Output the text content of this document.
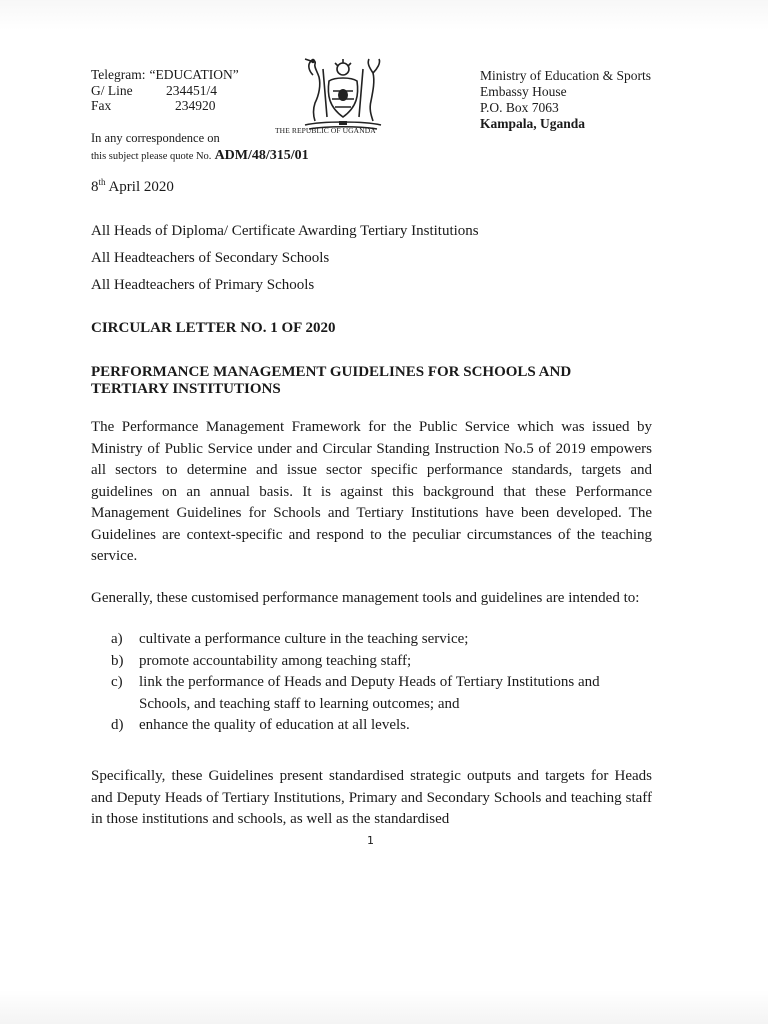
Telegram: “EDUCATION”
G/ Line	234451/4
Fax	234920
THE REPUBLIC OF UGANDA
Ministry of Education & Sports
Embassy House
P.O. Box 7063
Kampala, Uganda
In any correspondence on
this subject please quote No. ADM/48/315/01
8th April 2020
All Heads of Diploma/ Certificate Awarding Tertiary Institutions
All Headteachers of Secondary Schools
All Headteachers of Primary Schools
CIRCULAR LETTER NO. 1 OF 2020
PERFORMANCE MANAGEMENT GUIDELINES FOR SCHOOLS AND TERTIARY INSTITUTIONS
The Performance Management Framework for the Public Service which was issued by Ministry of Public Service under and Circular Standing Instruction No.5 of 2019 empowers all sectors to determine and issue sector specific performance standards, targets and guidelines on an annual basis. It is against this background that these Performance Management Guidelines for Schools and Tertiary Institutions have been developed. The Guidelines are context-specific and respond to the peculiar circumstances of the teaching service.
Generally, these customised performance management tools and guidelines are intended to:
a)	cultivate a performance culture in the teaching service;
b)	promote accountability among teaching staff;
c)	link the performance of Heads and Deputy Heads of Tertiary Institutions and Schools, and teaching staff to learning outcomes; and
d)	enhance the quality of education at all levels.
Specifically, these Guidelines present standardised strategic outputs and targets for Heads and Deputy Heads of Tertiary Institutions, Primary and Secondary Schools and teaching staff in those institutions and schools, as well as the standardised
1
